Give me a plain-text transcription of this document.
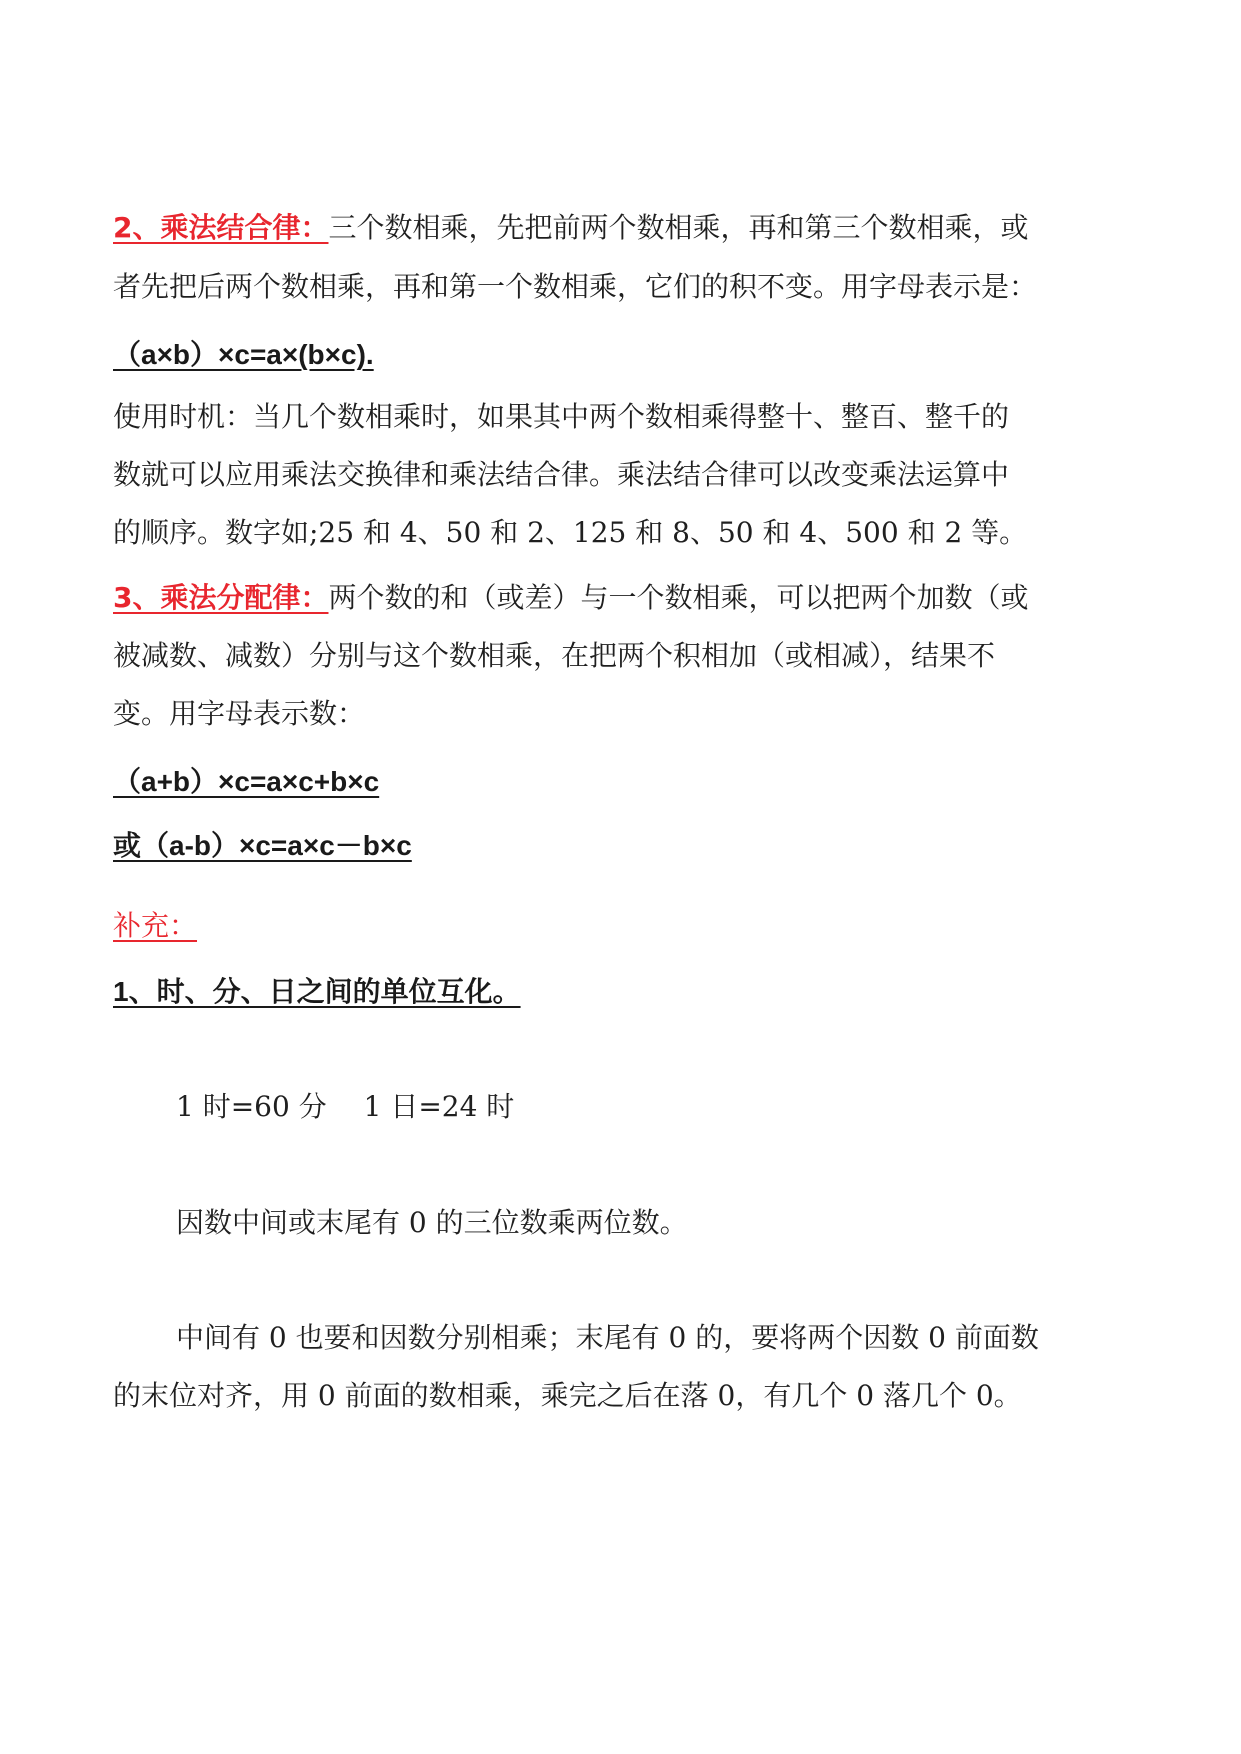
2、乘法结合律：三个数相乘，先把前两个数相乘，再和第三个数相乘，或
者先把后两个数相乘，再和第一个数相乘，它们的积不变。用字母表示是：
（a×b）×c=a×(b×c).
使用时机：当几个数相乘时，如果其中两个数相乘得整十、整百、整千的
数就可以应用乘法交换律和乘法结合律。乘法结合律可以改变乘法运算中
的顺序。数字如;25 和 4、50 和 2、125 和 8、50 和 4、500 和 2 等。
3、乘法分配律：两个数的和（或差）与一个数相乘，可以把两个加数（或
被减数、减数）分别与这个数相乘，在把两个积相加（或相减），结果不
变。用字母表示数：
（a+b）×c=a×c+b×c
或（a-b）×c=a×c－b×c
补充：
1、时、分、日之间的单位互化。
1 时=60 分　 1 日=24 时
因数中间或末尾有 0 的三位数乘两位数。
中间有 0 也要和因数分别相乘；末尾有 0 的，要将两个因数 0 前面数
的末位对齐，用 0 前面的数相乘，乘完之后在落 0，有几个 0 落几个 0。
